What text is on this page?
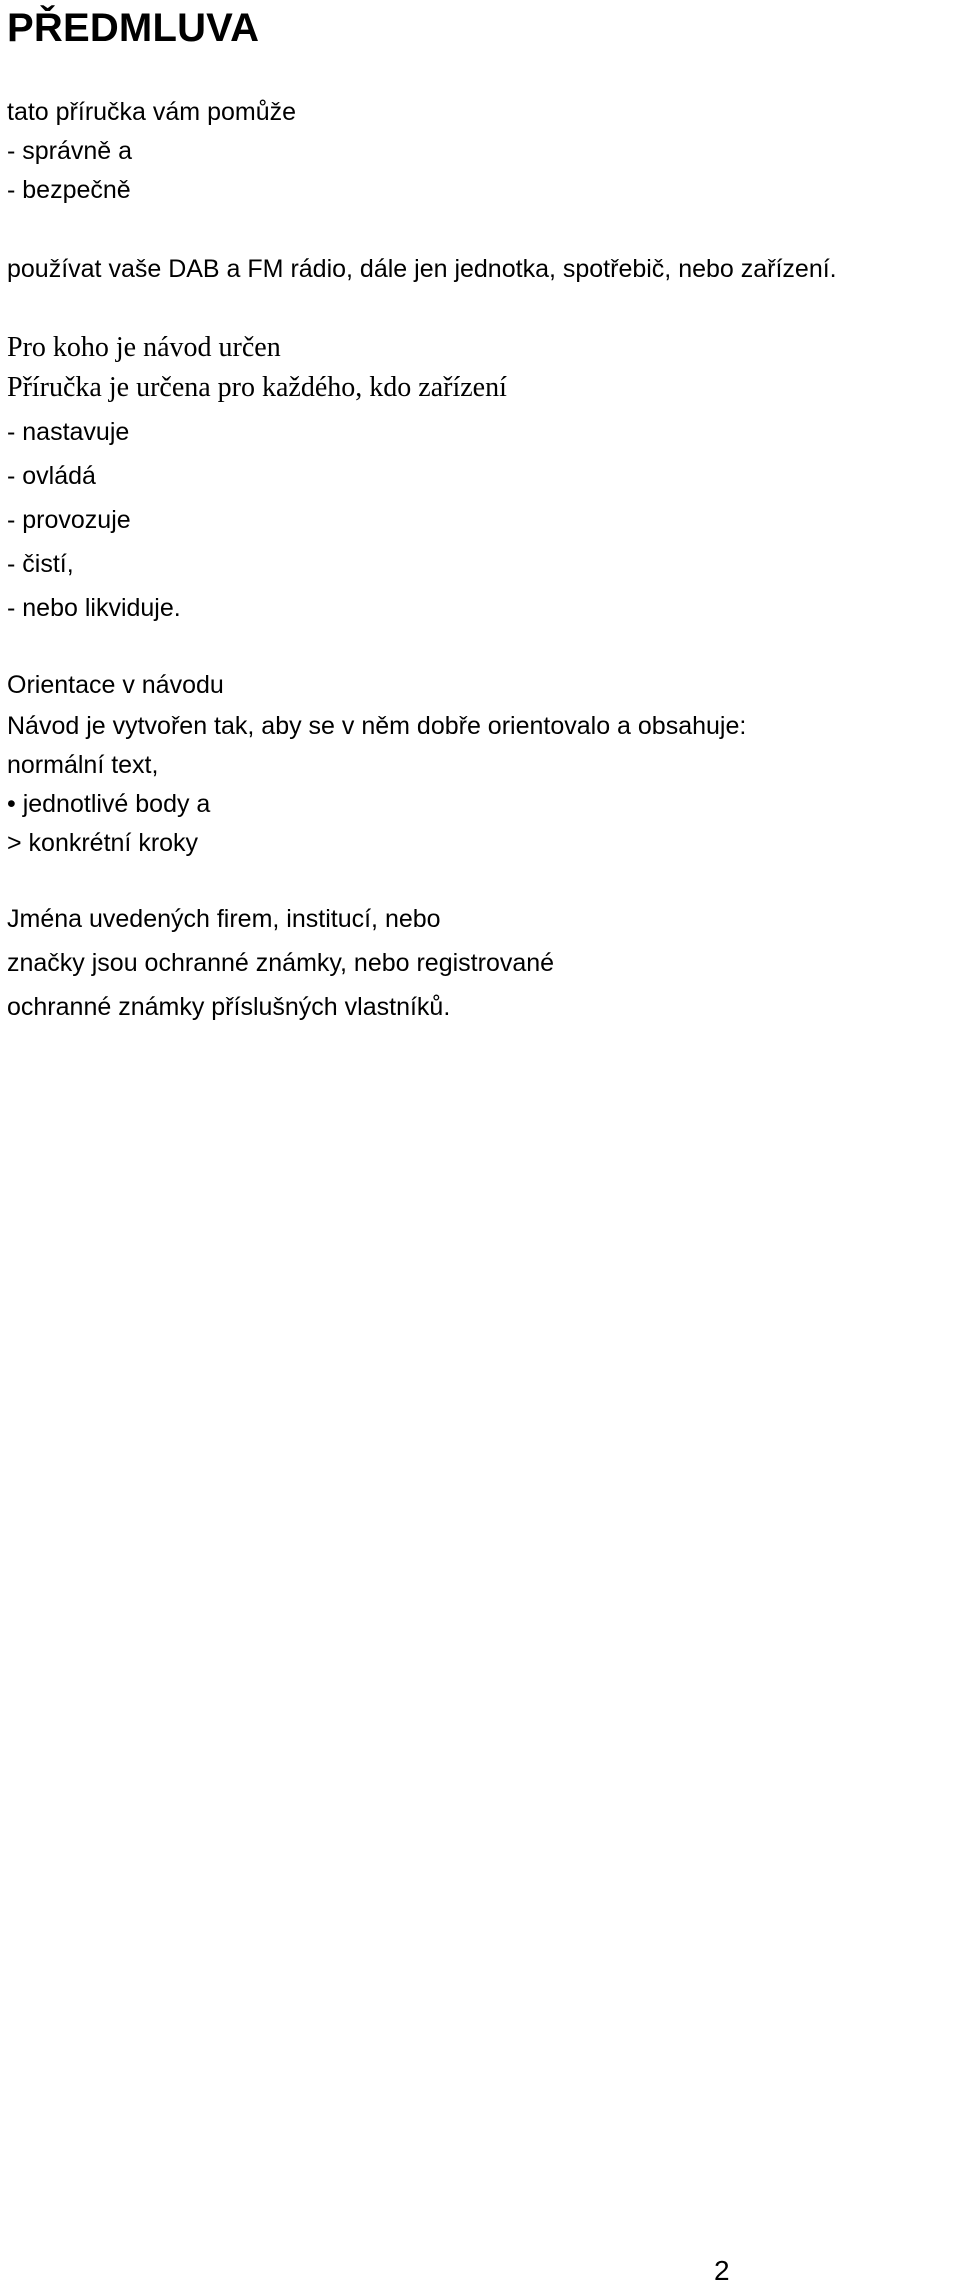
PŘEDMLUVA

tato příručka vám pomůže

- správně a

- bezpečně

používat vaše DAB a FM rádio, dále jen jednotka, spotřebič, nebo zařízení.

Pro koho je návod určen

Příručka je určena pro každého, kdo zařízení

- nastavuje

- ovládá

- provozuje

- čistí,

- nebo likviduje.

Orientace v návodu

Návod je vytvořen tak, aby se v něm dobře orientovalo a obsahuje:

normální text,

• jednotlivé body a

> konkrétní kroky

Jména uvedených firem, institucí, nebo

značky jsou ochranné známky, nebo registrované

ochranné známky příslušných vlastníků.

2
